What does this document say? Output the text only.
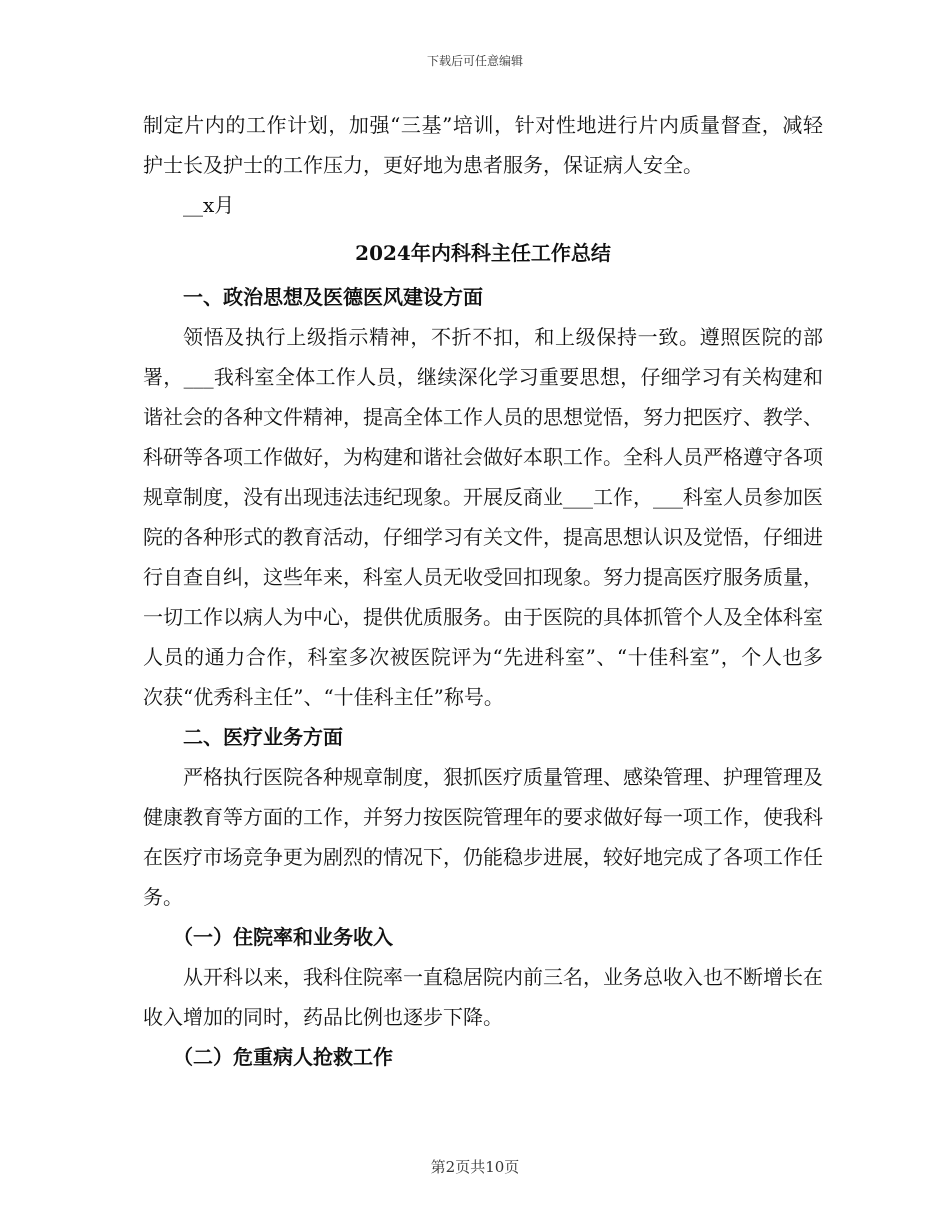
下载后可任意编辑

制定片内的工作计划，加强“三基”培训，针对性地进行片内质量督查，减轻护士长及护士的工作压力，更好地为患者服务，保证病人安全。

__x月

2024年内科科主任工作总结

一、政治思想及医德医风建设方面

领悟及执行上级指示精神，不折不扣，和上级保持一致。遵照医院的部署，___我科室全体工作人员，继续深化学习重要思想，仔细学习有关构建和谐社会的各种文件精神，提高全体工作人员的思想觉悟，努力把医疗、教学、科研等各项工作做好，为构建和谐社会做好本职工作。全科人员严格遵守各项规章制度，没有出现违法违纪现象。开展反商业___工作，___科室人员参加医院的各种形式的教育活动，仔细学习有关文件，提高思想认识及觉悟，仔细进行自查自纠，这些年来，科室人员无收受回扣现象。努力提高医疗服务质量，一切工作以病人为中心，提供优质服务。由于医院的具体抓管个人及全体科室人员的通力合作，科室多次被医院评为“先进科室”、“十佳科室”，个人也多次获“优秀科主任”、“十佳科主任”称号。

二、医疗业务方面

严格执行医院各种规章制度，狠抓医疗质量管理、感染管理、护理管理及健康教育等方面的工作，并努力按医院管理年的要求做好每一项工作，使我科在医疗市场竞争更为剧烈的情况下，仍能稳步进展，较好地完成了各项工作任务。

（一）住院率和业务收入

从开科以来，我科住院率一直稳居院内前三名，业务总收入也不断增长在收入增加的同时，药品比例也逐步下降。

（二）危重病人抢救工作

第2页共10页
